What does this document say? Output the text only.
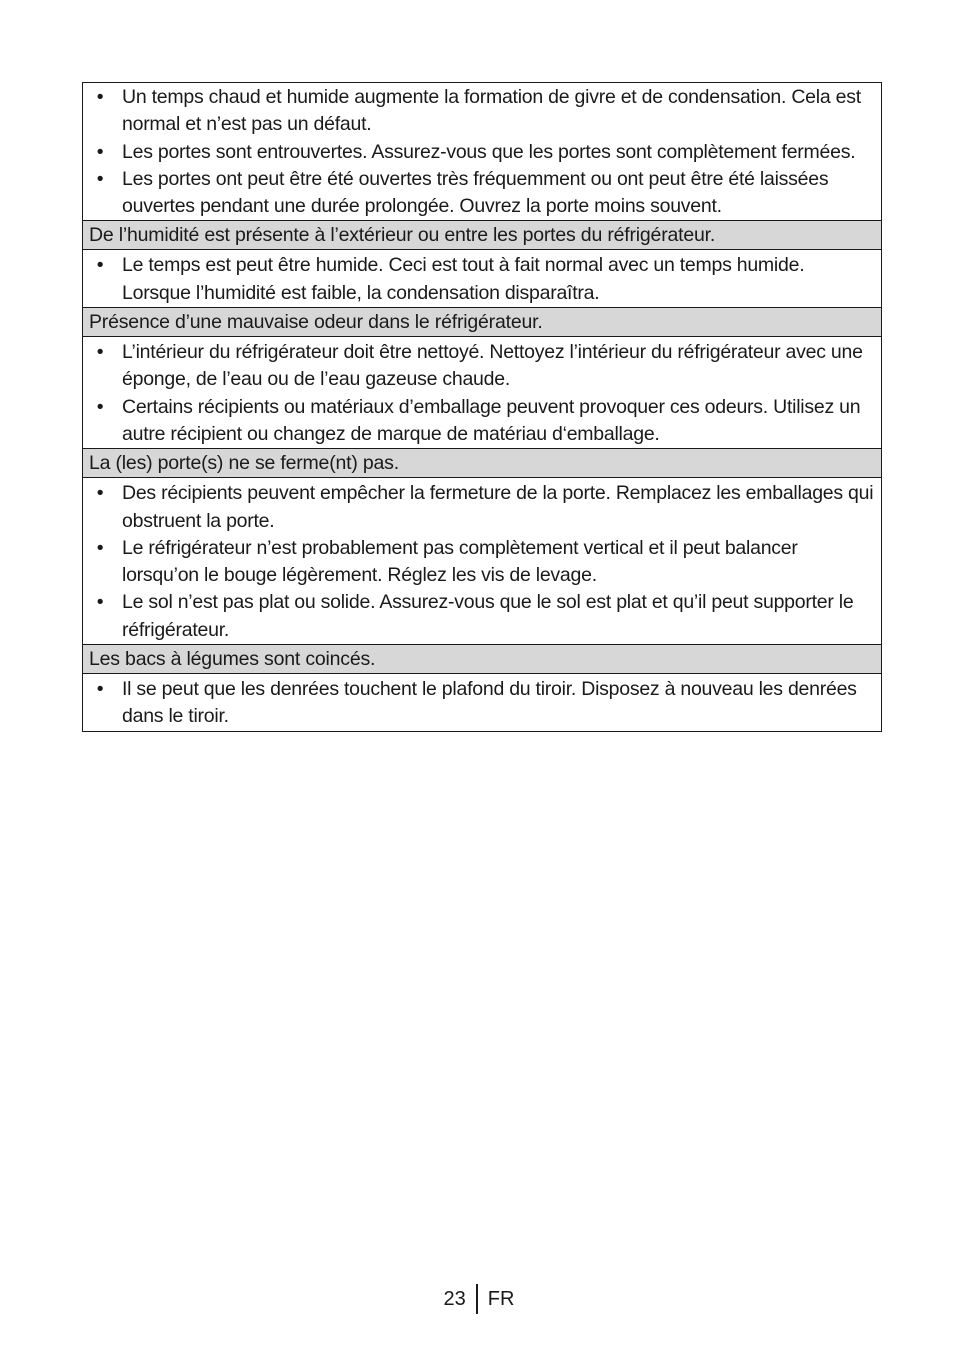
• Un temps chaud et humide augmente la formation de givre et de condensation. Cela est normal et n’est pas un défaut.
• Les portes sont entrouvertes. Assurez-vous que les portes sont complètement fermées.
• Les portes ont peut être été ouvertes très fréquemment ou ont peut être été laissées ouvertes pendant une durée prolongée. Ouvrez la porte moins souvent.
De l’humidité est présente à l’extérieur ou entre les portes du réfrigérateur.
• Le temps est peut être humide. Ceci est tout à fait normal avec un temps humide. Lorsque l’humidité est faible, la condensation disparaîtra.
Présence d’une mauvaise odeur dans le réfrigérateur.
• L’intérieur du réfrigérateur doit être nettoyé. Nettoyez l’intérieur du réfrigérateur avec une éponge, de l’eau ou de l’eau gazeuse chaude.
• Certains récipients ou matériaux d’emballage peuvent provoquer ces odeurs. Utilisez un autre récipient ou changez de marque de matériau d‘emballage.
La (les) porte(s) ne se ferme(nt) pas.
• Des récipients peuvent empêcher la fermeture de la porte. Remplacez les emballages qui obstruent la porte.
• Le réfrigérateur n’est probablement pas complètement vertical et il peut balancer lorsqu’on le bouge légèrement. Réglez les vis de levage.
• Le sol n’est pas plat ou solide. Assurez-vous que le sol est plat et qu’il peut supporter le réfrigérateur.
Les bacs à légumes sont coincés.
• Il se peut que les denrées touchent le plafond du tiroir. Disposez à nouveau les denrées dans le tiroir.
23 FR
